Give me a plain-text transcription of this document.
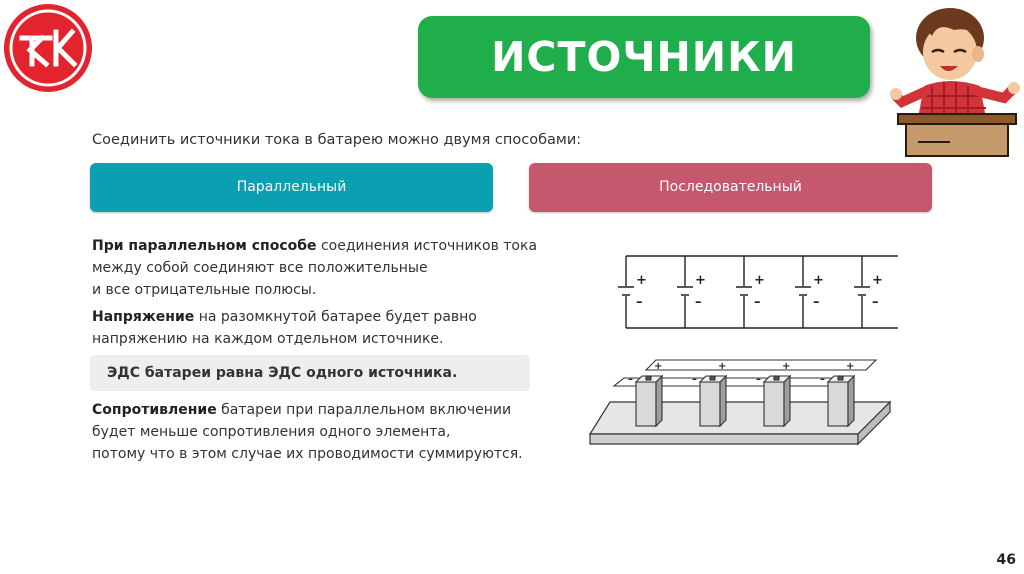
ИСТОЧНИКИ ТОКА
Соединить источники тока в батарею можно двумя способами:
Параллельный	Последовательный
При параллельном способе соединения источников тока
между собой соединяют все положительные
и все отрицательные полюсы.
Напряжение на разомкнутой батарее будет равно
напряжению на каждом отдельном источнике.
ЭДС батареи равна ЭДС одного источника.
Сопротивление батареи при параллельном включении
будет меньше сопротивления одного элемента,
потому что в этом случае их проводимости суммируются.
+
–
+
–
+
–
+
–
+
–
+	+	+	+
–	–	–	–
46
